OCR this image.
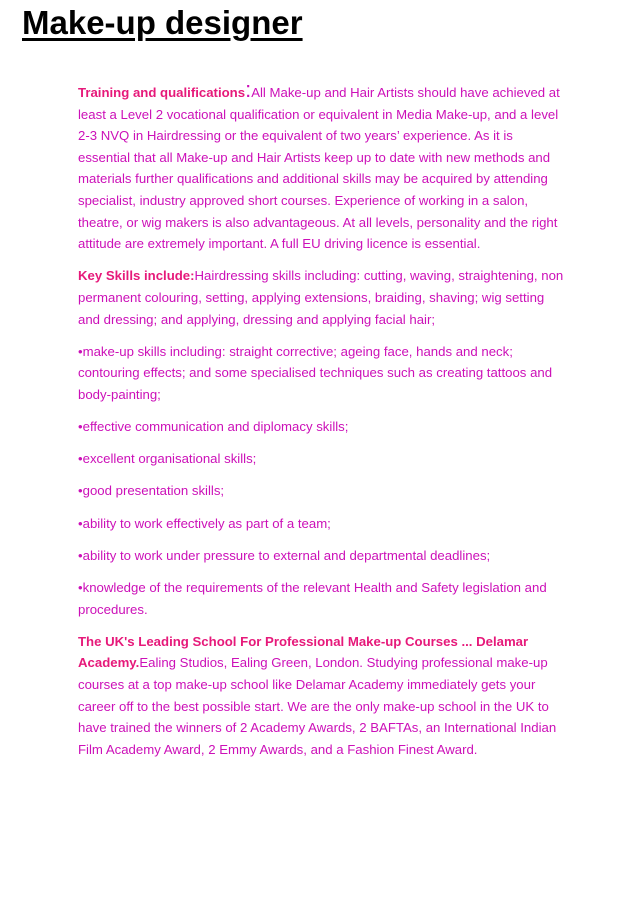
Make-up designer

Training and qualifications:All Make-up and Hair Artists should have achieved at least a Level 2 vocational qualification or equivalent in Media Make-up, and a level 2-3 NVQ in Hairdressing or the equivalent of two years’ experience. As it is essential that all Make-up and Hair Artists keep up to date with new methods and materials further qualifications and additional skills may be acquired by attending specialist, industry approved short courses. Experience of working in a salon, theatre, or wig makers is also advantageous. At all levels, personality and the right attitude are extremely important. A full EU driving licence is essential.

Key Skills include:Hairdressing skills including: cutting, waving, straightening, non permanent colouring, setting, applying extensions, braiding, shaving; wig setting and dressing; and applying, dressing and applying facial hair;

•make-up skills including: straight corrective; ageing face, hands and neck; contouring effects; and some specialised techniques such as creating tattoos and body-painting;

•effective communication and diplomacy skills;

•excellent organisational skills;

•good presentation skills;

•ability to work effectively as part of a team;

•ability to work under pressure to external and departmental deadlines;

•knowledge of the requirements of the relevant Health and Safety legislation and procedures.

The UK's Leading School For Professional Make-up Courses ... Delamar Academy.Ealing Studios, Ealing Green, London. Studying professional make-up courses at a top make-up school like Delamar Academy immediately gets your career off to the best possible start. We are the only make-up school in the UK to have trained the winners of 2 Academy Awards, 2 BAFTAs, an International Indian Film Academy Award, 2 Emmy Awards, and a Fashion Finest Award.
